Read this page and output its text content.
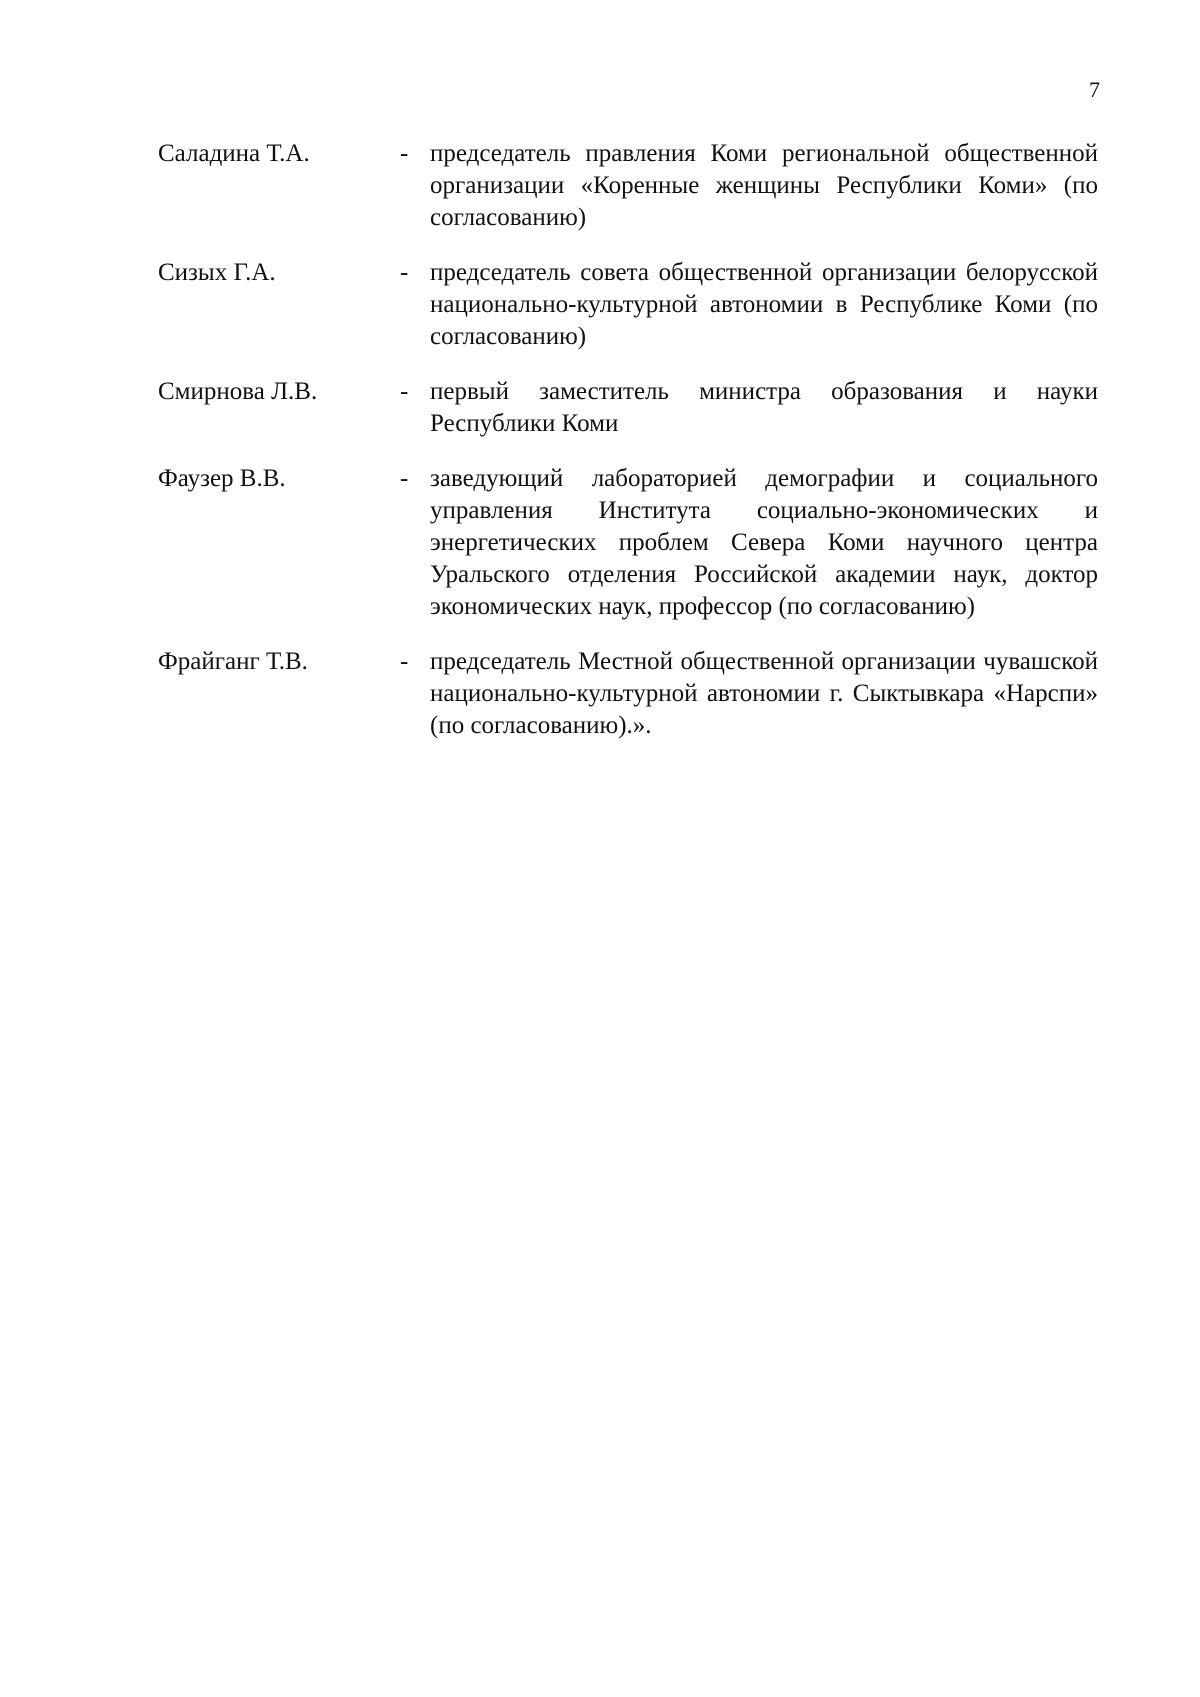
7
Саладина Т.А.	- председатель правления Коми региональной общественной организации «Коренные женщины Республики Коми» (по согласованию)
Сизых Г.А.	- председатель совета общественной организации белорусской национально-культурной автономии в Республике Коми (по согласованию)
Смирнова Л.В.	- первый заместитель министра образования и науки Республики Коми
Фаузер В.В.	- заведующий лабораторией демографии и социального управления Института социально-экономических и энергетических проблем Севера Коми научного центра Уральского отделения Российской академии наук, доктор экономических наук, профессор (по согласованию)
Фрайганг Т.В.	- председатель Местной общественной организации чувашской национально-культурной автономии г. Сыктывкара «Нарспи» (по согласованию).».
